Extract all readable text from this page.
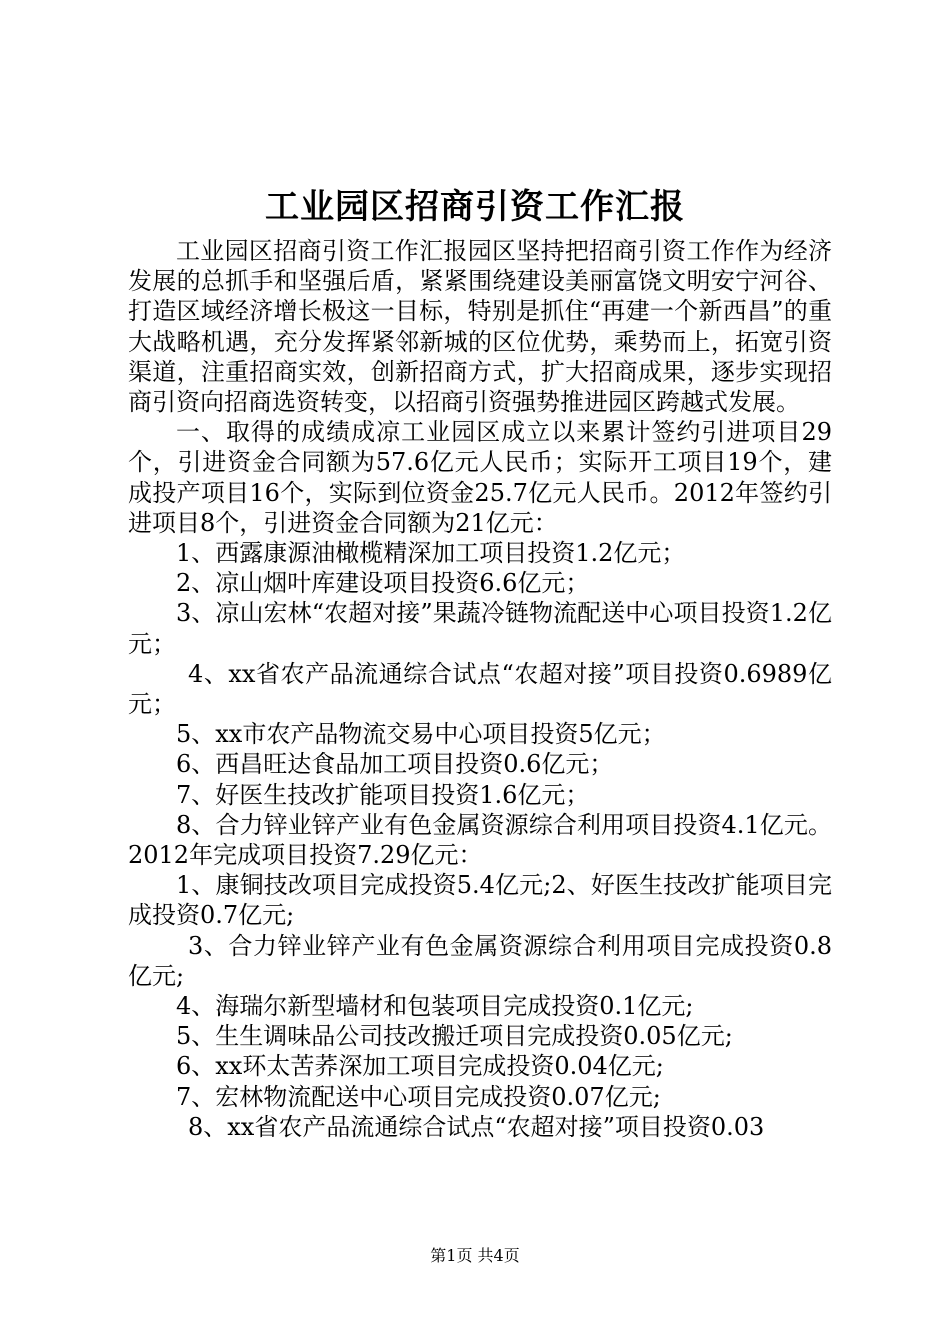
工业园区招商引资工作汇报

工业园区招商引资工作汇报园区坚持把招商引资工作作为经济发展的总抓手和坚强后盾，紧紧围绕建设美丽富饶文明安宁河谷、打造区域经济增长极这一目标，特别是抓住“再建一个新西昌”的重大战略机遇，充分发挥紧邻新城的区位优势，乘势而上，拓宽引资渠道，注重招商实效，创新招商方式，扩大招商成果，逐步实现招商引资向招商选资转变，以招商引资强势推进园区跨越式发展。

一、取得的成绩成凉工业园区成立以来累计签约引进项目29个，引进资金合同额为57.6亿元人民币；实际开工项目19个，建成投产项目16个，实际到位资金25.7亿元人民币。2012年签约引进项目8个，引进资金合同额为21亿元：

1、西露康源油橄榄精深加工项目投资1.2亿元；

2、凉山烟叶库建设项目投资6.6亿元；

3、凉山宏林“农超对接”果蔬冷链物流配送中心项目投资1.2亿元；

4、xx省农产品流通综合试点“农超对接”项目投资0.6989亿元；

5、xx市农产品物流交易中心项目投资5亿元；

6、西昌旺达食品加工项目投资0.6亿元；

7、好医生技改扩能项目投资1.6亿元；

8、合力锌业锌产业有色金属资源综合利用项目投资4.1亿元。2012年完成项目投资7.29亿元：

1、康铜技改项目完成投资5.4亿元;2、好医生技改扩能项目完成投资0.7亿元;

3、合力锌业锌产业有色金属资源综合利用项目完成投资0.8亿元;

4、海瑞尔新型墙材和包装项目完成投资0.1亿元;

5、生生调味品公司技改搬迁项目完成投资0.05亿元;

6、xx环太苦荞深加工项目完成投资0.04亿元;

7、宏林物流配送中心项目完成投资0.07亿元;

8、xx省农产品流通综合试点“农超对接”项目投资0.03

第1页 共4页
